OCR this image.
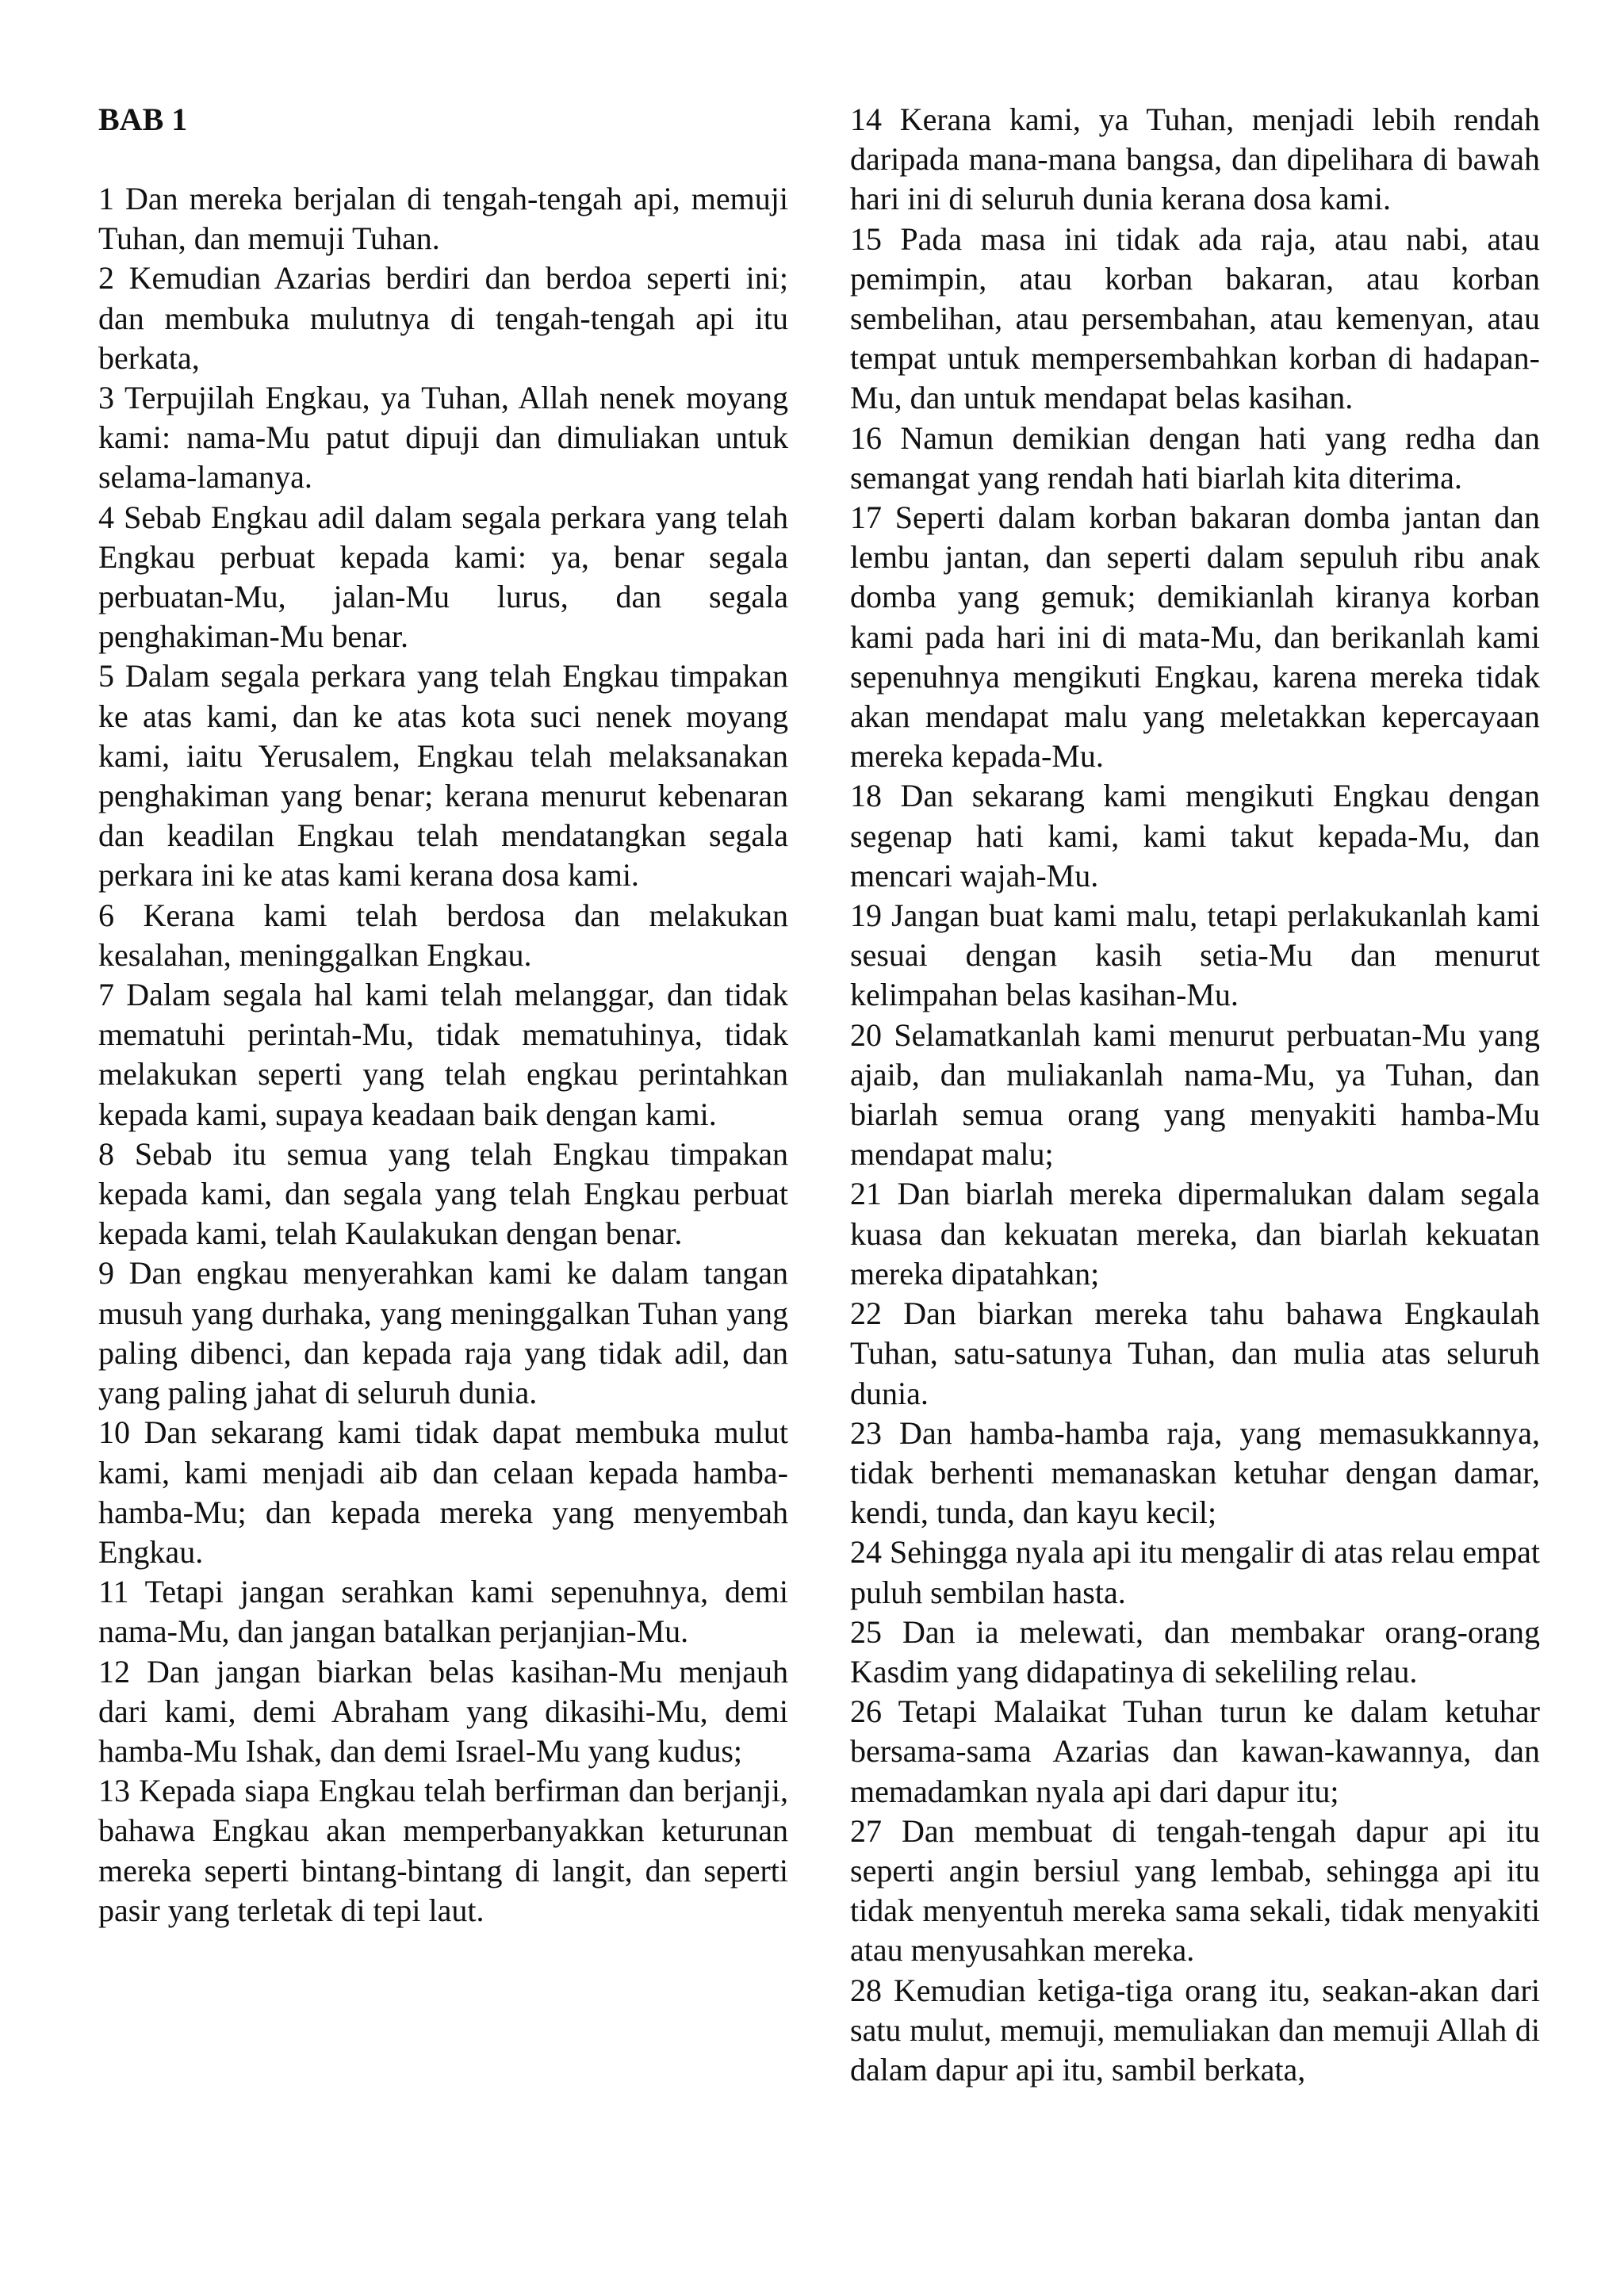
BAB 1

1 Dan mereka berjalan di tengah-tengah api, memuji Tuhan, dan memuji Tuhan.

2 Kemudian Azarias berdiri dan berdoa seperti ini; dan membuka mulutnya di tengah-tengah api itu berkata,

3 Terpujilah Engkau, ya Tuhan, Allah nenek moyang kami: nama-Mu patut dipuji dan dimuliakan untuk selama-lamanya.

4 Sebab Engkau adil dalam segala perkara yang telah Engkau perbuat kepada kami: ya, benar segala perbuatan-Mu, jalan-Mu lurus, dan segala penghakiman-Mu benar.

5 Dalam segala perkara yang telah Engkau timpakan ke atas kami, dan ke atas kota suci nenek moyang kami, iaitu Yerusalem, Engkau telah melaksanakan penghakiman yang benar; kerana menurut kebenaran dan keadilan Engkau telah mendatangkan segala perkara ini ke atas kami kerana dosa kami.

6 Kerana kami telah berdosa dan melakukan kesalahan, meninggalkan Engkau.

7 Dalam segala hal kami telah melanggar, dan tidak mematuhi perintah-Mu, tidak mematuhinya, tidak melakukan seperti yang telah engkau perintahkan kepada kami, supaya keadaan baik dengan kami.

8 Sebab itu semua yang telah Engkau timpakan kepada kami, dan segala yang telah Engkau perbuat kepada kami, telah Kaulakukan dengan benar.

9 Dan engkau menyerahkan kami ke dalam tangan musuh yang durhaka, yang meninggalkan Tuhan yang paling dibenci, dan kepada raja yang tidak adil, dan yang paling jahat di seluruh dunia.

10 Dan sekarang kami tidak dapat membuka mulut kami, kami menjadi aib dan celaan kepada hamba-hamba-Mu; dan kepada mereka yang menyembah Engkau.

11 Tetapi jangan serahkan kami sepenuhnya, demi nama-Mu, dan jangan batalkan perjanjian-Mu.

12 Dan jangan biarkan belas kasihan-Mu menjauh dari kami, demi Abraham yang dikasihi-Mu, demi hamba-Mu Ishak, dan demi Israel-Mu yang kudus;

13 Kepada siapa Engkau telah berfirman dan berjanji, bahawa Engkau akan memperbanyakkan keturunan mereka seperti bintang-bintang di langit, dan seperti pasir yang terletak di tepi laut.

14 Kerana kami, ya Tuhan, menjadi lebih rendah daripada mana-mana bangsa, dan dipelihara di bawah hari ini di seluruh dunia kerana dosa kami.

15 Pada masa ini tidak ada raja, atau nabi, atau pemimpin, atau korban bakaran, atau korban sembelihan, atau persembahan, atau kemenyan, atau tempat untuk mempersembahkan korban di hadapan-Mu, dan untuk mendapat belas kasihan.

16 Namun demikian dengan hati yang redha dan semangat yang rendah hati biarlah kita diterima.

17 Seperti dalam korban bakaran domba jantan dan lembu jantan, dan seperti dalam sepuluh ribu anak domba yang gemuk; demikianlah kiranya korban kami pada hari ini di mata-Mu, dan berikanlah kami sepenuhnya mengikuti Engkau, karena mereka tidak akan mendapat malu yang meletakkan kepercayaan mereka kepada-Mu.

18 Dan sekarang kami mengikuti Engkau dengan segenap hati kami, kami takut kepada-Mu, dan mencari wajah-Mu.

19 Jangan buat kami malu, tetapi perlakukanlah kami sesuai dengan kasih setia-Mu dan menurut kelimpahan belas kasihan-Mu.

20 Selamatkanlah kami menurut perbuatan-Mu yang ajaib, dan muliakanlah nama-Mu, ya Tuhan, dan biarlah semua orang yang menyakiti hamba-Mu mendapat malu;

21 Dan biarlah mereka dipermalukan dalam segala kuasa dan kekuatan mereka, dan biarlah kekuatan mereka dipatahkan;

22 Dan biarkan mereka tahu bahawa Engkaulah Tuhan, satu-satunya Tuhan, dan mulia atas seluruh dunia.

23 Dan hamba-hamba raja, yang memasukkannya, tidak berhenti memanaskan ketuhar dengan damar, kendi, tunda, dan kayu kecil;

24 Sehingga nyala api itu mengalir di atas relau empat puluh sembilan hasta.

25 Dan ia melewati, dan membakar orang-orang Kasdim yang didapatinya di sekeliling relau.

26 Tetapi Malaikat Tuhan turun ke dalam ketuhar bersama-sama Azarias dan kawan-kawannya, dan memadamkan nyala api dari dapur itu;

27 Dan membuat di tengah-tengah dapur api itu seperti angin bersiul yang lembab, sehingga api itu tidak menyentuh mereka sama sekali, tidak menyakiti atau menyusahkan mereka.

28 Kemudian ketiga-tiga orang itu, seakan-akan dari satu mulut, memuji, memuliakan dan memuji Allah di dalam dapur api itu, sambil berkata,
